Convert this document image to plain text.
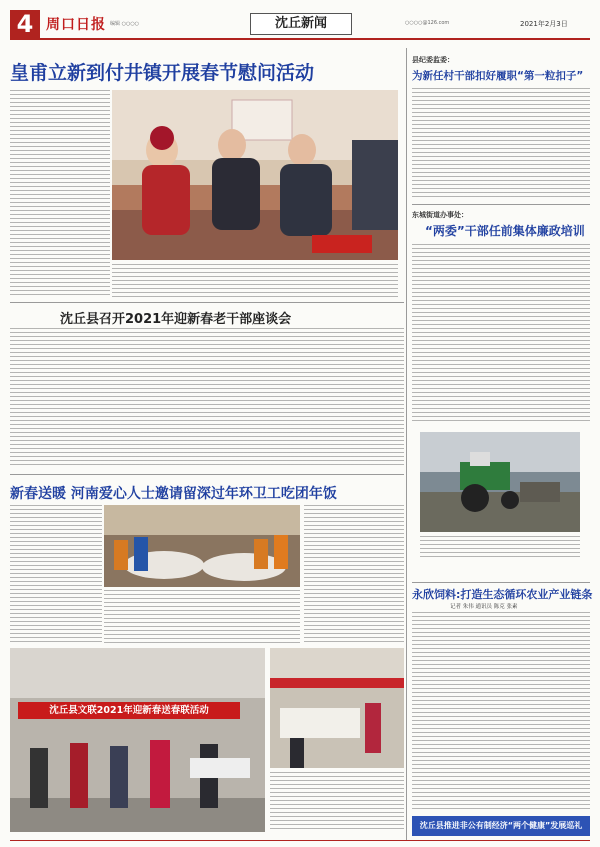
4 周口日报 编辑 ○○○○	沈丘新闻	○○○○@126.com	2021年2月3日
皇甫立新到付井镇开展春节慰问活动
沈丘县召开2021年迎新春老干部座谈会
新春送暖 河南爱心人士邀请留深过年环卫工吃团年饭
沈丘县文联2021年迎新春送春联活动
县纪委监委：
为新任村干部扣好履职“第一粒扣子”
东城街道办事处：
“两委”干部任前集体廉政培训
永欣饲料:打造生态循环农业产业链条
记者 朱伟 通讯员 陈克 张素
沈丘县推进非公有制经济“两个健康”发展巡礼
